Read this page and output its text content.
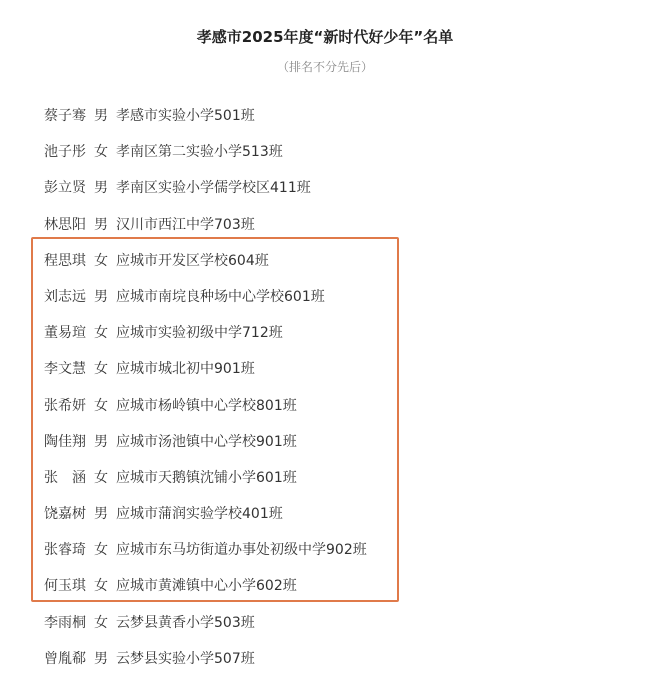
孝感市2025年度“新时代好少年”名单
（排名不分先后）
蔡子骞 男 孝感市实验小学501班
池子彤 女 孝南区第二实验小学513班
彭立贤 男 孝南区实验小学儒学校区411班
林思阳 男 汉川市西江中学703班
程思琪 女 应城市开发区学校604班
刘志远 男 应城市南垸良种场中心学校601班
董易瑄 女 应城市实验初级中学712班
李文慧 女 应城市城北初中901班
张希妍 女 应城市杨岭镇中心学校801班
陶佳翔 男 应城市汤池镇中心学校901班
张　涵 女 应城市天鹅镇沈铺小学601班
饶嘉树 男 应城市蒲润实验学校401班
张睿琦 女 应城市东马坊街道办事处初级中学902班
何玉琪 女 应城市黄滩镇中心小学602班
李雨桐 女 云梦县黄香小学503班
曾胤郗 男 云梦县实验小学507班
